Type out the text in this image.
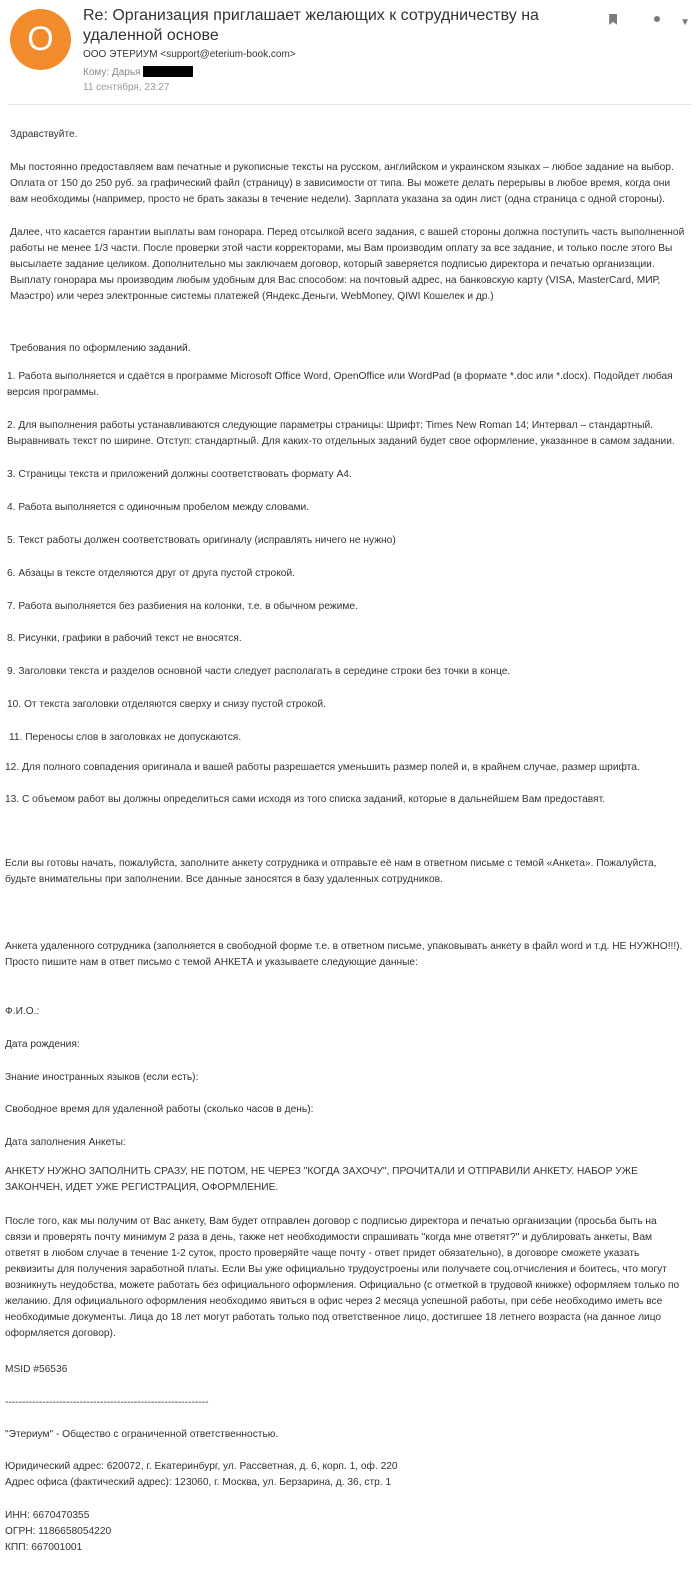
O
Re: Организация приглашает желающих к сотрудничеству на удаленной основе
ООО ЭТЕРИУМ <support@eterium-book.com>
Кому: Дарья
11 сентября, 23:27
▼

Здравствуйте.

Мы постоянно предоставляем вам печатные и рукописные тексты на русском, английском и украинском языках – любое задание на выбор.
Оплата от 150 до 250 руб. за графический файл (страницу) в зависимости от типа. Вы можете делать перерывы в любое время, когда они
вам необходимы (например, просто не брать заказы в течение недели). Зарплата указана за один лист (одна страница с одной стороны).

Далее, что касается гарантии выплаты вам гонорара. Перед отсылкой всего задания, с вашей стороны должна поступить часть выполненной
работы не менее 1/3 части. После проверки этой части корректорами, мы Вам производим оплату за все задание, и только после этого Вы
высылаете задание целиком. Дополнительно мы заключаем договор, который заверяется подписью директора и печатью организации.
Выплату гонорара мы производим любым удобным для Вас способом: на почтовый адрес, на банковскую карту (VISA, MasterCard, МИР,
Маэстро) или через электронные системы платежей (Яндекс.Деньги, WebMoney, QIWI Кошелек и др.)

Требования по оформлению заданий.

1. Работа выполняется и сдаётся в программе Microsoft Office Word, OpenOffice или WordPad (в формате *.doc или *.docx). Подойдет любая
версия программы.

2. Для выполнения работы устанавливаются следующие параметры страницы: Шрифт: Times New Roman 14; Интервал – стандартный.
Выравнивать текст по ширине. Отступ: стандартный. Для каких-то отдельных заданий будет свое оформление, указанное в самом задании.

3. Страницы текста и приложений должны соответствовать формату А4.

4. Работа выполняется с одиночным пробелом между словами.

5. Текст работы должен соответствовать оригиналу (исправлять ничего не нужно)

6. Абзацы в тексте отделяются друг от друга пустой строкой.

7. Работа выполняется без разбиения на колонки, т.е. в обычном режиме.

8. Рисунки, графики в рабочий текст не вносятся.

9. Заголовки текста и разделов основной части следует располагать в середине строки без точки в конце.

10. От текста заголовки отделяются сверху и снизу пустой строкой.

11. Переносы слов в заголовках не допускаются.

12. Для полного совпадения оригинала и вашей работы разрешается уменьшить размер полей и, в крайнем случае, размер шрифта.

13. С объемом работ вы должны определиться сами исходя из того списка заданий, которые в дальнейшем Вам предоставят.

Если вы готовы начать, пожалуйста, заполните анкету сотрудника и отправьте её нам в ответном письме с темой «Анкета». Пожалуйста,
будьте внимательны при заполнении. Все данные заносятся в базу удаленных сотрудников.

Анкета удаленного сотрудника (заполняется в свободной форме т.е. в ответном письме, упаковывать анкету в файл word и т.д. НЕ НУЖНО!!!).
Просто пишите нам в ответ письмо с темой АНКЕТА и указываете следующие данные:

Ф.И.О.:

Дата рождения:

Знание иностранных языков (если есть):

Свободное время для удаленной работы (сколько часов в день):

Дата заполнения Анкеты:

АНКЕТУ НУЖНО ЗАПОЛНИТЬ СРАЗУ, НЕ ПОТОМ, НЕ ЧЕРЕЗ "КОГДА ЗАХОЧУ", ПРОЧИТАЛИ И ОТПРАВИЛИ АНКЕТУ. НАБОР УЖЕ
ЗАКОНЧЕН, ИДЕТ УЖЕ РЕГИСТРАЦИЯ, ОФОРМЛЕНИЕ.

После того, как мы получим от Вас анкету, Вам будет отправлен договор с подписью директора и печатью организации (просьба быть на
связи и проверять почту минимум 2 раза в день, также нет необходимости спрашивать "когда мне ответят?" и дублировать анкеты, Вам
ответят в любом случае в течение 1-2 суток, просто проверяйте чаще почту - ответ придет обязательно), в договоре сможете указать
реквизиты для получения заработной платы. Если Вы уже официально трудоустроены или получаете соц.отчисления и боитесь, что могут
возникнуть неудобства, можете работать без официального оформления. Официально (с отметкой в трудовой книжке) оформляем только по
желанию. Для официального оформления необходимо явиться в офис через 2 месяца успешной работы, при себе необходимо иметь все
необходимые документы. Лица до 18 лет могут работать только под ответственное лицо, достигшее 18 летнего возраста (на данное лицо
оформляется договор).

MSID #56536

------------------------------------------------------------

"Этериум" - Общество с ограниченной ответственностью.

Юридический адрес: 620072, г. Екатеринбург, ул. Рассветная, д. 6, корп. 1, оф. 220

Адрес офиса (фактический адрес): 123060, г. Москва, ул. Берзарина, д. 36, стр. 1

ИНН: 6670470355

ОГРН: 1186658054220

КПП: 667001001
